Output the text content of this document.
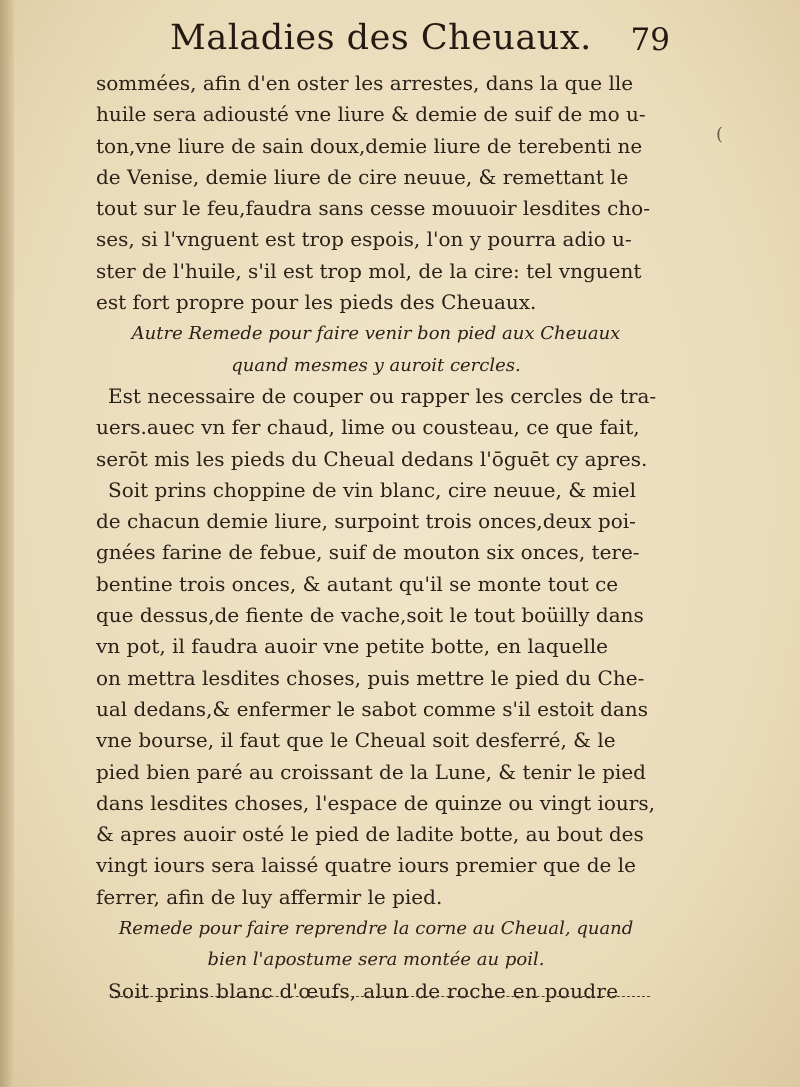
Maladies des Cheuaux. 79
(
sommées, afin d'en oster les arrestes, dans la que lle
huile sera adiousté vne liure & demie de suif de mo u-
ton,vne liure de sain doux,demie liure de terebenti ne
de Venise, demie liure de cire neuue, & remettant le
tout sur le feu,faudra sans cesse mouuoir lesdites cho-
ses, si l'vnguent est trop espois, l'on y pourra adio u-
ster de l'huile, s'il est trop mol, de la cire: tel vnguent
est fort propre pour les pieds des Cheuaux.
Autre Remede pour faire venir bon pied aux Cheuaux
quand mesmes y auroit cercles.
Est necessaire de couper ou rapper les cercles de tra-
uers.auec vn fer chaud, lime ou cousteau, ce que fait,
serōt mis les pieds du Cheual dedans l'ōguēt cy apres.
Soit prins choppine de vin blanc, cire neuue, & miel
de chacun demie liure, surpoint trois onces,deux poi-
gnées farine de febue, suif de mouton six onces, tere-
bentine trois onces, & autant qu'il se monte tout ce
que dessus,de fiente de vache,soit le tout boüilly dans
vn pot, il faudra auoir vne petite botte, en laquelle
on mettra lesdites choses, puis mettre le pied du Che-
ual dedans,& enfermer le sabot comme s'il estoit dans
vne bourse, il faut que le Cheual soit desferré, & le
pied bien paré au croissant de la Lune, & tenir le pied
dans lesdites choses, l'espace de quinze ou vingt iours,
& apres auoir osté le pied de ladite botte, au bout des
vingt iours sera laissé quatre iours premier que de le
ferrer, afin de luy affermir le pied.
Remede pour faire reprendre la corne au Cheual, quand
bien l'apostume sera montée au poil.
Soit prins blanc d'œufs, alun de roche en poudre
